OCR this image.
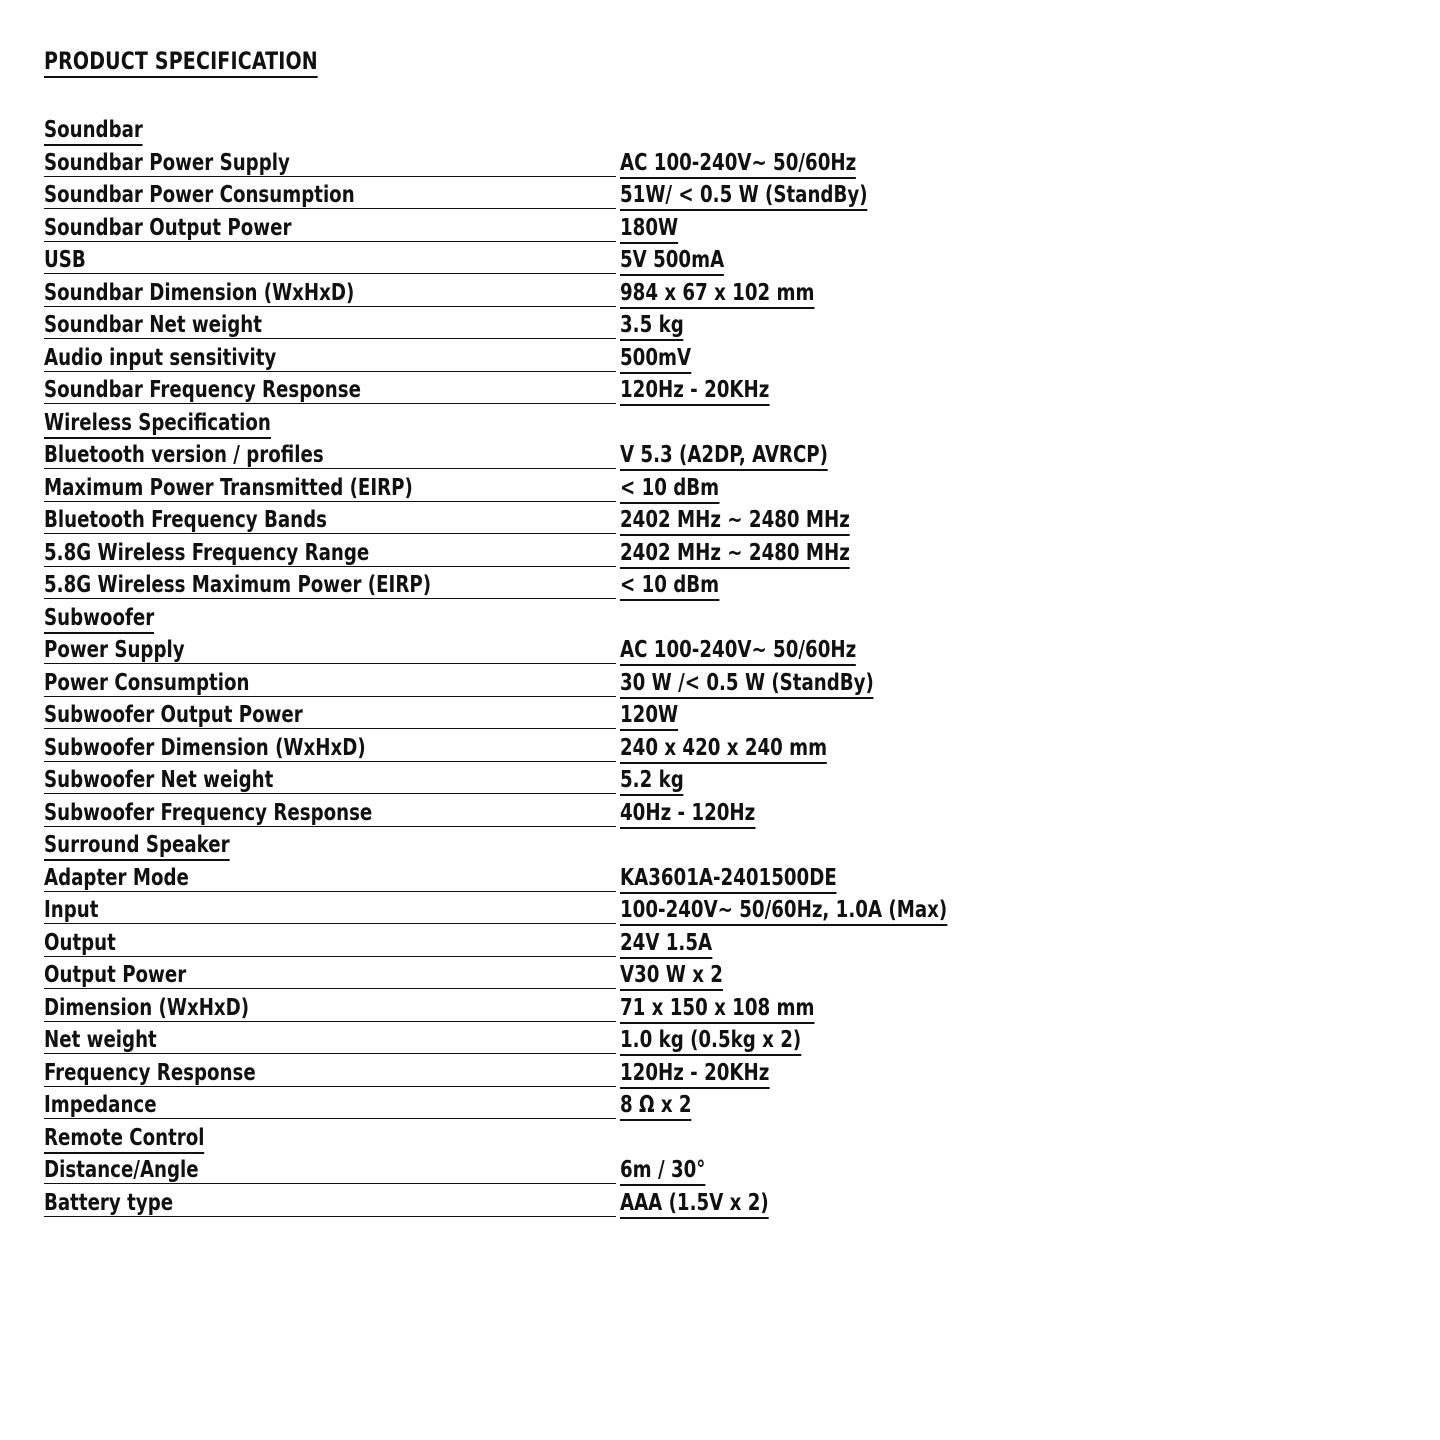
PRODUCT SPECIFICATION
Soundbar
Soundbar Power Supply	AC 100-240V~ 50/60Hz
Soundbar Power Consumption	51W/ < 0.5 W (StandBy)
Soundbar Output Power	180W
USB	5V 500mA
Soundbar Dimension (WxHxD)	984 x 67 x 102 mm
Soundbar Net weight	3.5 kg
Audio input sensitivity	500mV
Soundbar Frequency Response	120Hz - 20KHz
Wireless Specification
Bluetooth version / profiles	V 5.3 (A2DP, AVRCP)
Maximum Power Transmitted (EIRP)	< 10 dBm
Bluetooth Frequency Bands	2402 MHz ~ 2480 MHz
5.8G Wireless Frequency Range	2402 MHz ~ 2480 MHz
5.8G Wireless Maximum Power (EIRP)	< 10 dBm
Subwoofer
Power Supply	AC 100-240V~ 50/60Hz
Power Consumption	30 W /< 0.5 W (StandBy)
Subwoofer Output Power	120W
Subwoofer Dimension (WxHxD)	240 x 420 x 240 mm
Subwoofer Net weight	5.2 kg
Subwoofer Frequency Response	40Hz - 120Hz
Surround Speaker
Adapter Mode	KA3601A-2401500DE
Input	100-240V~ 50/60Hz, 1.0A (Max)
Output	24V 1.5A
Output Power	V30 W x 2
Dimension (WxHxD)	71 x 150 x 108 mm
Net weight	1.0 kg (0.5kg x 2)
Frequency Response	120Hz - 20KHz
Impedance	8 Ω x 2
Remote Control
Distance/Angle	6m / 30°
Battery type	AAA (1.5V x 2)
